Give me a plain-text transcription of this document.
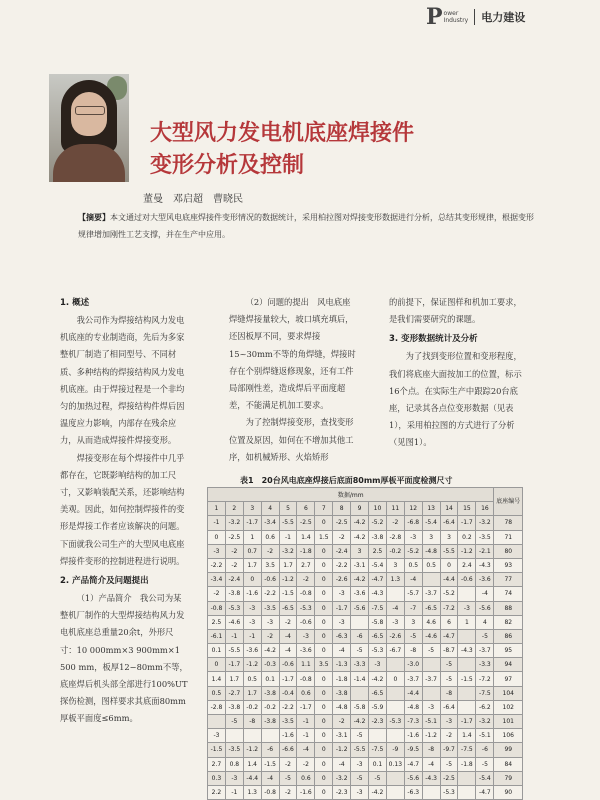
P ower
Industry 电力建设
大型风力发电机底座焊接件
变形分析及控制
董曼　邓启超　曹晓民
【摘要】本文通过对大型风电底座焊接件变形情况的数据统计，采用柏拉图对焊接变形数据进行分析，总结其变形规律，根据变形规律增加刚性工艺支撑，并在生产中应用。
1. 概述

我公司作为焊接结构风力发电机底座的专业制造商，先后为多家整机厂制造了相同型号、不同材质、多种结构的焊接结构风力发电机底座。由于焊接过程是一个非均匀的加热过程，焊接结构件焊后因温度应力影响，内部存在残余应力，从而造成焊接件焊接变形。

焊接变形在每个焊接件中几乎都存在，它既影响结构的加工尺寸，又影响装配关系，还影响结构美观。因此，如何控制焊接件的变形是焊接工作者应该解决的问题。下面就我公司生产的大型风电底座焊接件变形的控制进程进行说明。

2. 产品简介及问题提出

（1）产品简介　我公司为某整机厂制作的大型焊接结构风力发电机底座总重量20余t，外形尺寸：10 000mm×3 900mm×1 500 mm，板厚12−80mm不等，底座焊后机头部全部进行100%UT探伤检测，图样要求其底面80mm厚板平面度≤6mm。

（2）问题的提出　风电底座焊缝焊接量较大，坡口填充填后，还因板厚不同，要求焊接15~30mm不等的角焊缝，焊接时存在个别焊缝返修现象，还有工件局部刚性差，造成焊后平面度超差，不能满足机加工要求。

为了控制焊接变形，查找变形位置及原因，如何在不增加其他工序，如机械矫形、火焰矫形

的前提下，保证图样和机加工要求，是我们需要研究的课题。

3. 变形数据统计及分析

为了找到变形位置和变形程度，我们将底座大面按加工的位置，标示16个点。在实际生产中跟踪20台底座，记录其各点位变形数据（见表1），采用柏拉图的方式进行了分析（见图1）。

表1　20台风电底座焊接后底面80mm厚板平面度检测尺寸
数据/mm																底座编号
1	2	3	4	5	6	7	8	9	10	11	12	13	14	15	16	
-1	-3.2	-1.7	-3.4	-5.5	-2.5	0	-2.5	-4.2	-5.2	-2	-6.8	-5.4	-6.4	-1.7	-3.2	78
0	-2.5	1	0.6	-1	1.4	1.5	-2	-4.2	-3.8	-2.8	-3	3	3	0.2	-3.5	71
-3	-2	0.7	-2	-3.2	-1.8	0	-2.4	3	2.5	-0.2	-5.2	-4.8	-5.5	-1.2	-2.1	80
-2.2	-2	1.7	3.5	1.7	2.7	0	-2.2	-3.1	-5.4	3	0.5	0.5	0	2.4	-4.3	93
-3.4	-2.4	0	-0.6	-1.2	-2	0	-2.6	-4.2	-4.7	1.3	-4		-4.4	-0.6	-3.6	77
-2	-3.8	-1.6	-2.2	-1.5	-0.8	0	-3	-3.6	-4.3		-5.7	-3.7	-5.2		-4	74
-0.8	-5.3	-3	-3.5	-6.5	-5.3	0	-1.7	-5.6	-7.5	-4	-7	-6.5	-7.2	-3	-5.6	88
2.5	-4.6	-3	-3	-2	-0.6	0	-3		-5.8	-3	3	4.6	6	1	4	82
-6.1	-1	-1	-2	-4	-3	0	-6.3	-6	-6.5	-2.6	-5	-4.6	-4.7		-5	86
0.1	-5.5	-3.6	-4.2	-4	-3.6	0	-4	-5	-5.3	-6.7	-8	-5	-8.7	-4.3	-3.7	95
0	-1.7	-1.2	-0.3	-0.6	1.1	3.5	-1.3	-3.3	-3		-3.0		-5		-3.3	94
1.4	1.7	0.5	0.1	-1.7	-0.8	0	-1.8	-1.4	-4.2	0	-3.7	-3.7	-5	-1.5	-7.2	97
0.5	-2.7	1.7	-3.8	-0.4	0.6	0	-3.8		-6.5		-4.4		-8		-7.5	104
-2.8	-3.8	-0.2	-0.2	-2.2	-1.7	0	-4.8	-5.8	-5.9		-4.8	-3	-6.4		-6.2	102
	-5	-8	-3.8	-3.5	-1	0	-2	-4.2	-2.3	-5.3	-7.3	-5.1	-3	-1.7	-3.2	101
-3				-1.6	-1	0	-3.1	-5			-1.6	-1.2	-2	1.4	-5.1	106
-1.5	-3.5	-1.2	-6	-6.6	-4	0	-1.2	-5.5	-7.5	-9	-9.5	-8	-9.7	-7.5	-6	99
2.7	0.8	1.4	-1.5	-2	-2	0	-4	-3	0.1	0.13	-4.7	-4	-5	-1.8	-5	84
0.3	-3	-4.4	-4	-5	0.6	0	-3.2	-5	-5		-5.6	-4.3	-2.5		-5.4	79
2.2	-1	1.3	-0.8	-2	-1.6	0	-2.3	-3	-4.2		-6.3		-5.3		-4.7	90
